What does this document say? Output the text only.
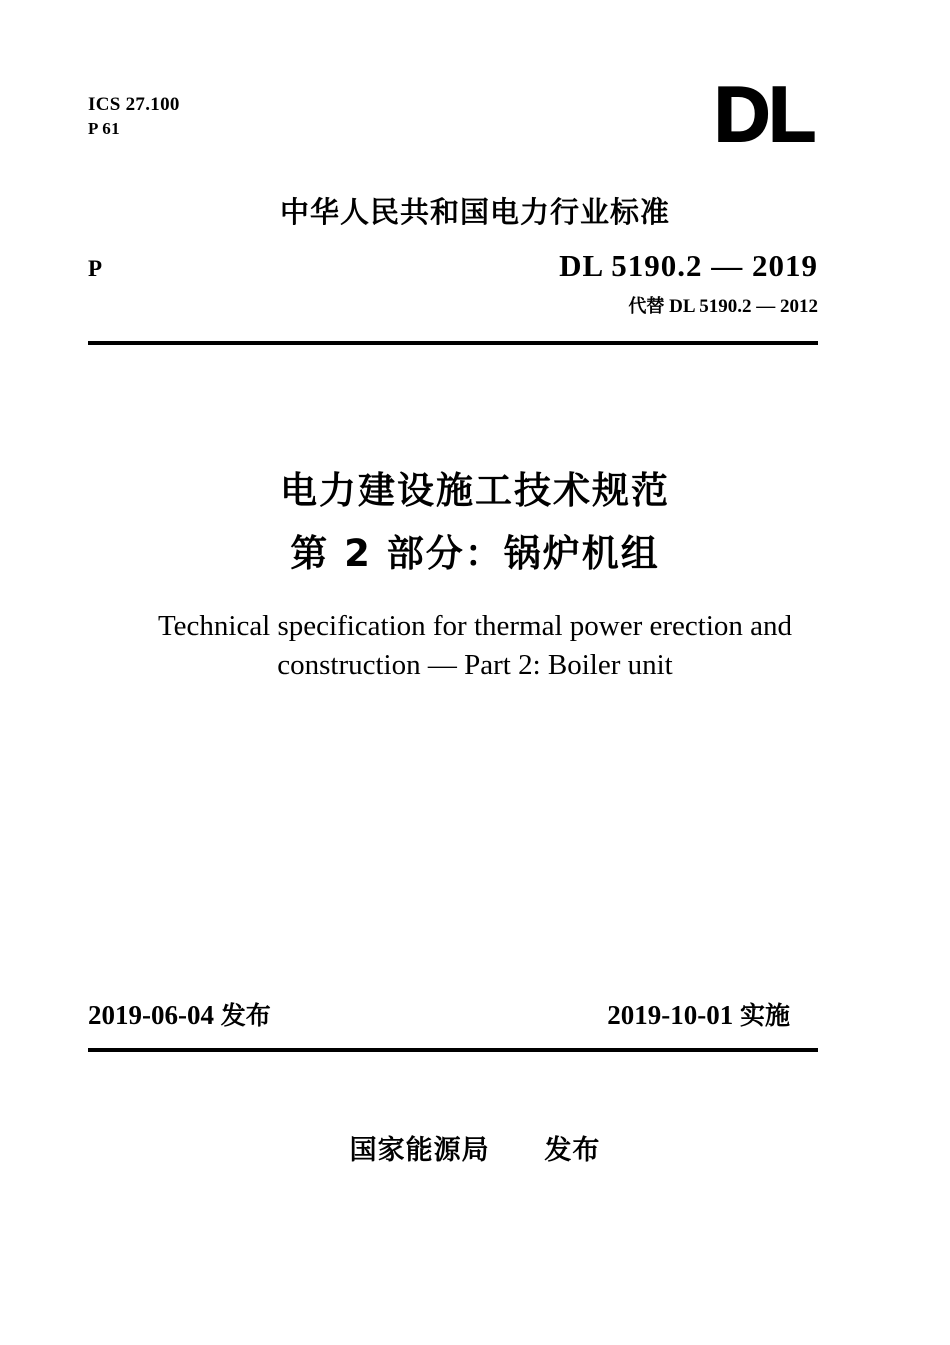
ICS 27.100
P 61	DL
中华人民共和国电力行业标准
P	DL 5190.2 — 2019
代替 DL 5190.2 — 2012
电力建设施工技术规范
第 2 部分：锅炉机组
Technical specification for thermal power erection and
construction — Part 2: Boiler unit
2019-06-04 发布	2019-10-01 实施
国家能源局 发布
